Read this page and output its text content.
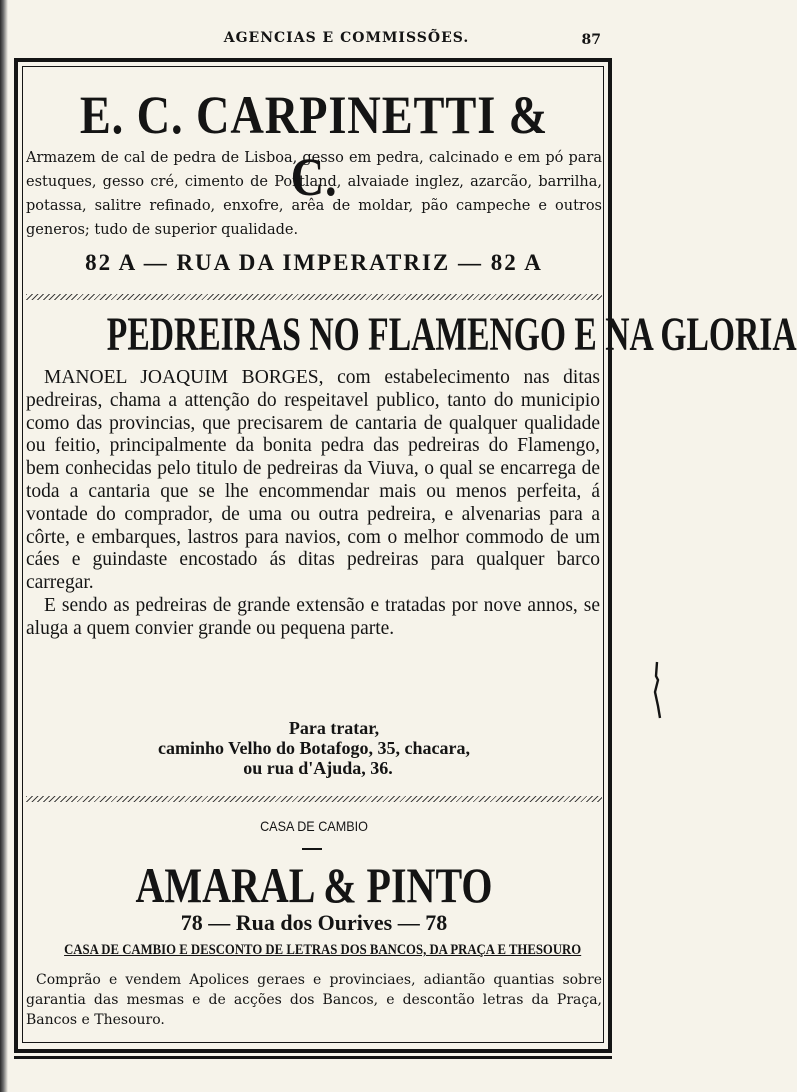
AGENCIAS E COMMISSÕES.	87
E. C. CARPINETTI & C.
Armazem de cal de pedra de Lisboa, gesso em pedra, calcinado e em pó para estuques, gesso cré, cimento de Portland, alvaiade inglez, azarcão, barrilha, potassa, salitre refinado, enxofre, arêa de moldar, pão campeche e outros generos; tudo de superior qualidade.
82 A — RUA DA IMPERATRIZ — 82 A
PEDREIRAS NO FLAMENGO E NA GLORIA

MANOEL JOAQUIM BORGES, com estabelecimento nas ditas pedreiras, chama a attenção do respeitavel publico, tanto do municipio como das provincias, que precisarem de cantaria de qualquer qualidade ou feitio, principalmente da bonita pedra das pedreiras do Flamengo, bem conhecidas pelo titulo de pedreiras da Viuva, o qual se encarrega de toda a cantaria que se lhe encommendar mais ou menos perfeita, á vontade do comprador, de uma ou outra pedreira, e alvenarias para a côrte, e embarques, lastros para navios, com o melhor commodo de um cáes e guindaste encostado ás ditas pedreiras para qualquer barco carregar.

E sendo as pedreiras de grande extensão e tratadas por nove annos, se aluga a quem convier grande ou pequena parte.

Para tratar,
caminho Velho do Botafogo, 35, chacara,
ou rua d'Ajuda, 36.
CASA DE CAMBIO
AMARAL & PINTO
78 — Rua dos Ourives — 78
CASA DE CAMBIO E DESCONTO DE LETRAS DOS BANCOS, DA PRAÇA E THESOURO
Comprão e vendem Apolices geraes e provinciaes, adiantão quantias sobre garantia das mesmas e de acções dos Bancos, e descontão letras da Praça, Bancos e Thesouro.
